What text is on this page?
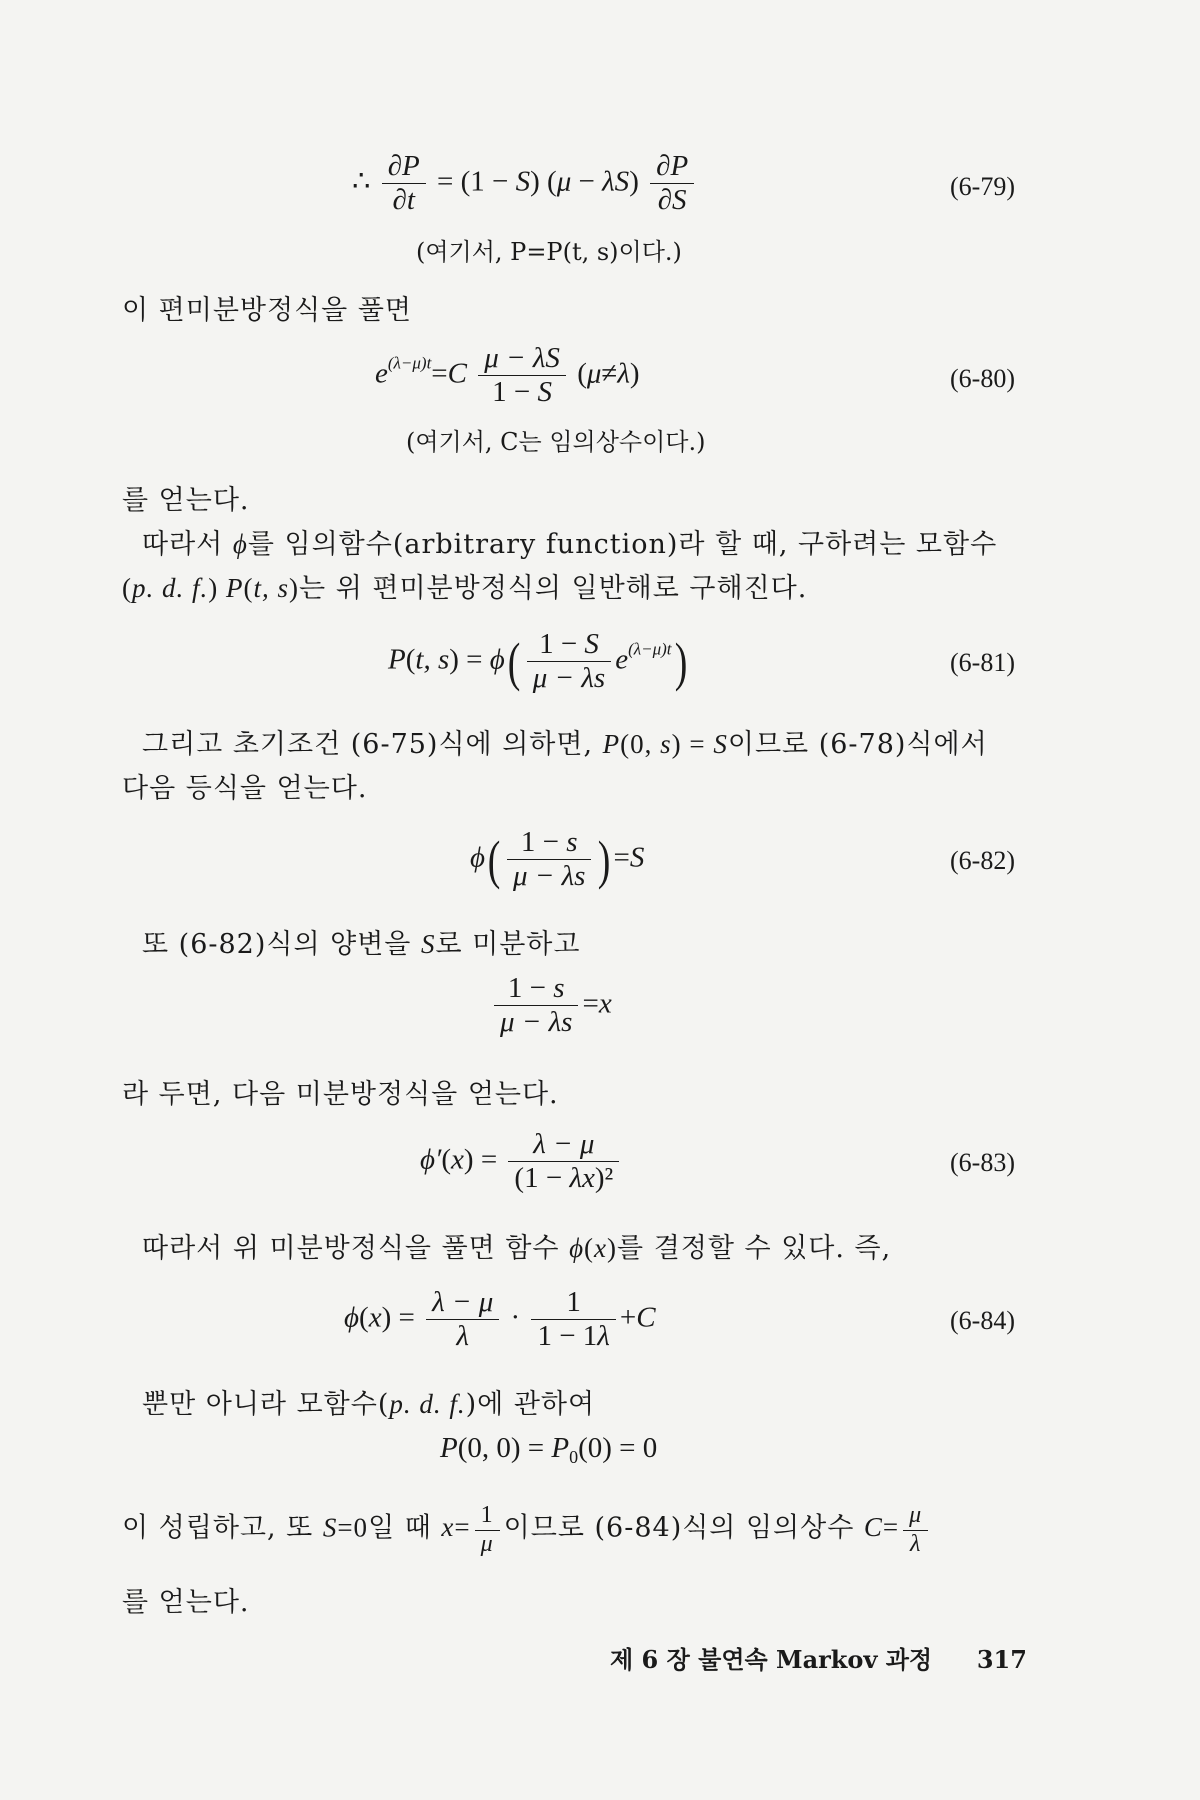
∴ $\frac{\partial P}{\partial t} = (1 - S) (\mu - \lambda S) \frac{\partial P}{\partial S}$	(6-79)
(여기서, P=P(t, s)이다.)
이 편미분방정식을 풀면
$e^{(\lambda-\mu)t}=C \frac{\mu - \lambda S}{1 - S} (\mu\ne\lambda)$	(6-80)
(여기서, C는 임의상수이다.)
를 얻는다.
따라서 ϕ를 임의함수(arbitrary function)라 할 때, 구하려는 모함수
(p. d. f.) P(t, s)는 위 편미분방정식의 일반해로 구해진다.
P(t, $s) = \phi( \frac{1 - S}{\mu - \lambda s} e^{(\lambda-\mu)t})$	(6-81)
그리고 초기조건 (6-75)식에 의하면, P(0, s) = S이므로 (6-78)식에서
다음 등식을 얻는다.
$\phi( \frac{1 - s}{\mu - \lambda s} )=S$	(6-82)
또 (6-82)식의 양변을 S로 미분하고
$\frac{1 - s}{\mu - \lambda s} =x$
라 두면, 다음 미분방정식을 얻는다.
$\phi'(x) = \frac{\lambda - \mu}{\text{(1 − λx)²}}$	(6-83)
따라서 위 미분방정식을 풀면 함수 ϕ(x)를 결정할 수 있다. 즉,
$\phi(x) = \frac{\lambda - \mu}{\lambda} \cdot \frac{1}{1 - 1\lambda} +C$	(6-84)
뿐만 아니라 모함수(p. d. f.)에 관하여
P(0, $0) = P_0(0) = 0$
이 성립하고, 또 S=0일 때 $x= \frac{1}{\mu}$ 이므로 (6-84)식의 임의상수 $C= \frac{\mu}{\lambda}$
를 얻는다.
제 6 장 불연속 Markov 과정 317
